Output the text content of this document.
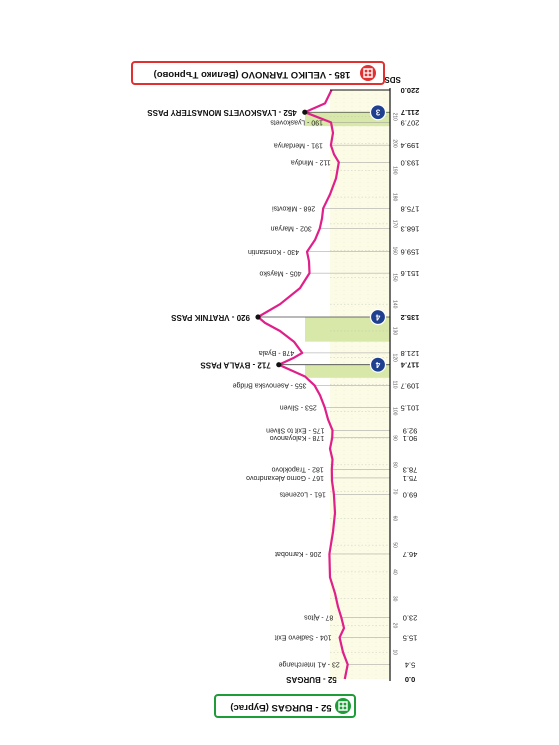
0.0
5.4
15.5
23.0
46.7
69.0
75.1
78.3
90.1
92.9
101.5
109.7
117.4
121.8
135.2
151.6
159.6
168.3
175.8
193.0
199.4
207.9
211.7
220.0
10
20
30
40
50
60
70
80
90
100
110
120
130
140
150
160
170
180
190
200
210
52 - BURGAS
23 - A1 Interchange
104 - Sadievo Exit
87 - Ajtos
206 - Karnobat
161 - Lozenets
167 - Gorno Alexandrovo
182 - Trapoklovo
178 - Kaloyanovo
175 - Exit to Sliven
253 - Sliven
355 - Asenovska Bridge
712 - BYALA PASS
478 - Byala
920 - VRATNIK PASS
405 - Maysko
430 - Konstantin
302 - Maryan
268 - Mikovtsi
112 - Mindya
191 - Merdanya
190 - Lyaskovets
452 - LYASKOVETS MONASTERY PASS
4
4
3
SDS
185 - VELIKO TARNOVO (Велико Търново)
52 - BURGAS (Бургас)
